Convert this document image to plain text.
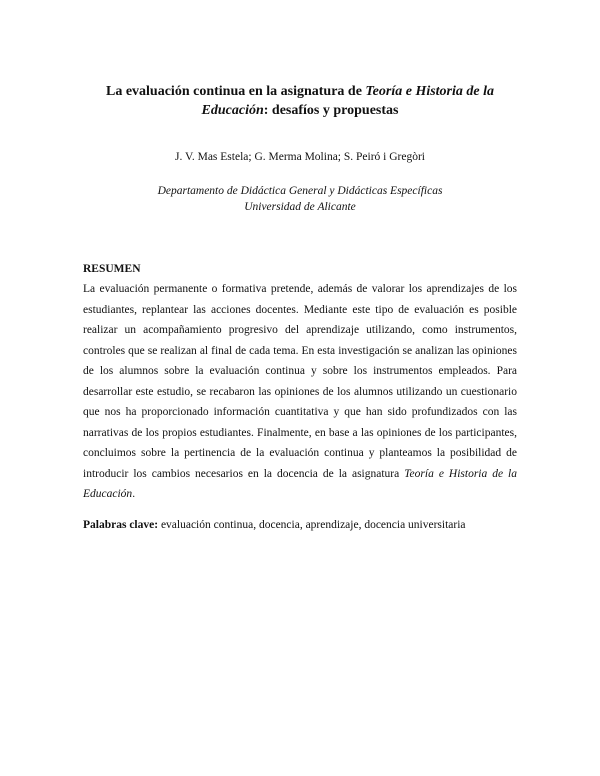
La evaluación continua en la asignatura de Teoría e Historia de la Educación: desafíos y propuestas
J. V. Mas Estela; G. Merma Molina; S. Peiró i Gregòri
Departamento de Didáctica General y Didácticas Específicas
Universidad de Alicante
RESUMEN
La evaluación permanente o formativa pretende, además de valorar los aprendizajes de los estudiantes, replantear las acciones docentes. Mediante este tipo de evaluación es posible realizar un acompañamiento progresivo del aprendizaje utilizando, como instrumentos, controles que se realizan al final de cada tema. En esta investigación se analizan las opiniones de los alumnos sobre la evaluación continua y sobre los instrumentos empleados. Para desarrollar este estudio, se recabaron las opiniones de los alumnos utilizando un cuestionario que nos ha proporcionado información cuantitativa y que han sido profundizados con las narrativas de los propios estudiantes. Finalmente, en base a las opiniones de los participantes, concluimos sobre la pertinencia de la evaluación continua y planteamos la posibilidad de introducir los cambios necesarios en la docencia de la asignatura Teoría e Historia de la Educación.
Palabras clave: evaluación continua, docencia, aprendizaje, docencia universitaria
